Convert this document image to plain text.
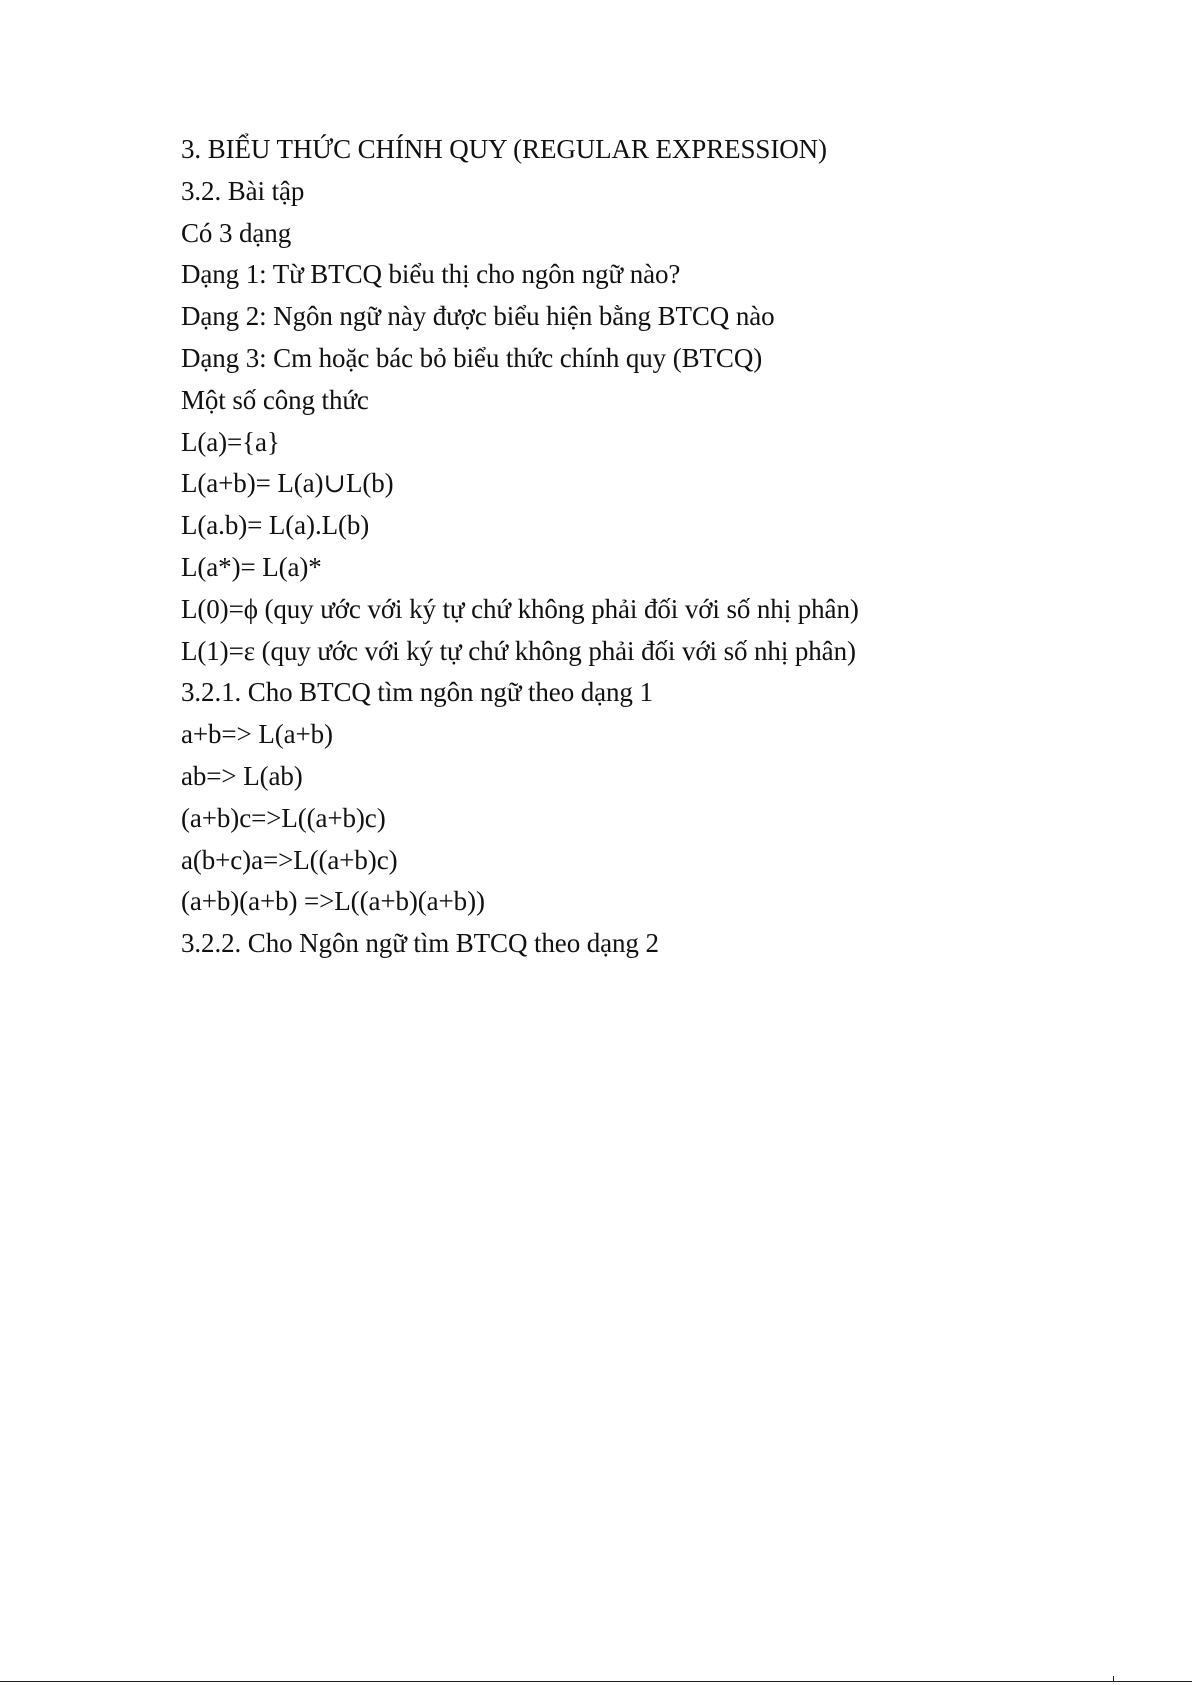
3. BIỂU THỨC CHÍNH QUY (REGULAR EXPRESSION)
3.2. Bài tập
Có 3 dạng
Dạng 1: Từ BTCQ biểu thị cho ngôn ngữ nào?
Dạng 2: Ngôn ngữ này được biểu hiện bằng BTCQ nào
Dạng 3: Cm hoặc bác bỏ biểu thức chính quy (BTCQ)
Một số công thức
L(a)={a}
L(a+b)= L(a)∪L(b)
L(a.b)= L(a).L(b)
L(a*)= L(a)*
L(0)=ϕ (quy ước với ký tự chứ không phải đối với số nhị phân)
L(1)=ε (quy ước với ký tự chứ không phải đối với số nhị phân)
3.2.1. Cho BTCQ tìm ngôn ngữ theo dạng 1
a+b=> L(a+b)
ab=> L(ab)
(a+b)c=>L((a+b)c)
a(b+c)a=>L((a+b)c)
(a+b)(a+b) =>L((a+b)(a+b))
3.2.2. Cho Ngôn ngữ tìm BTCQ theo dạng 2
